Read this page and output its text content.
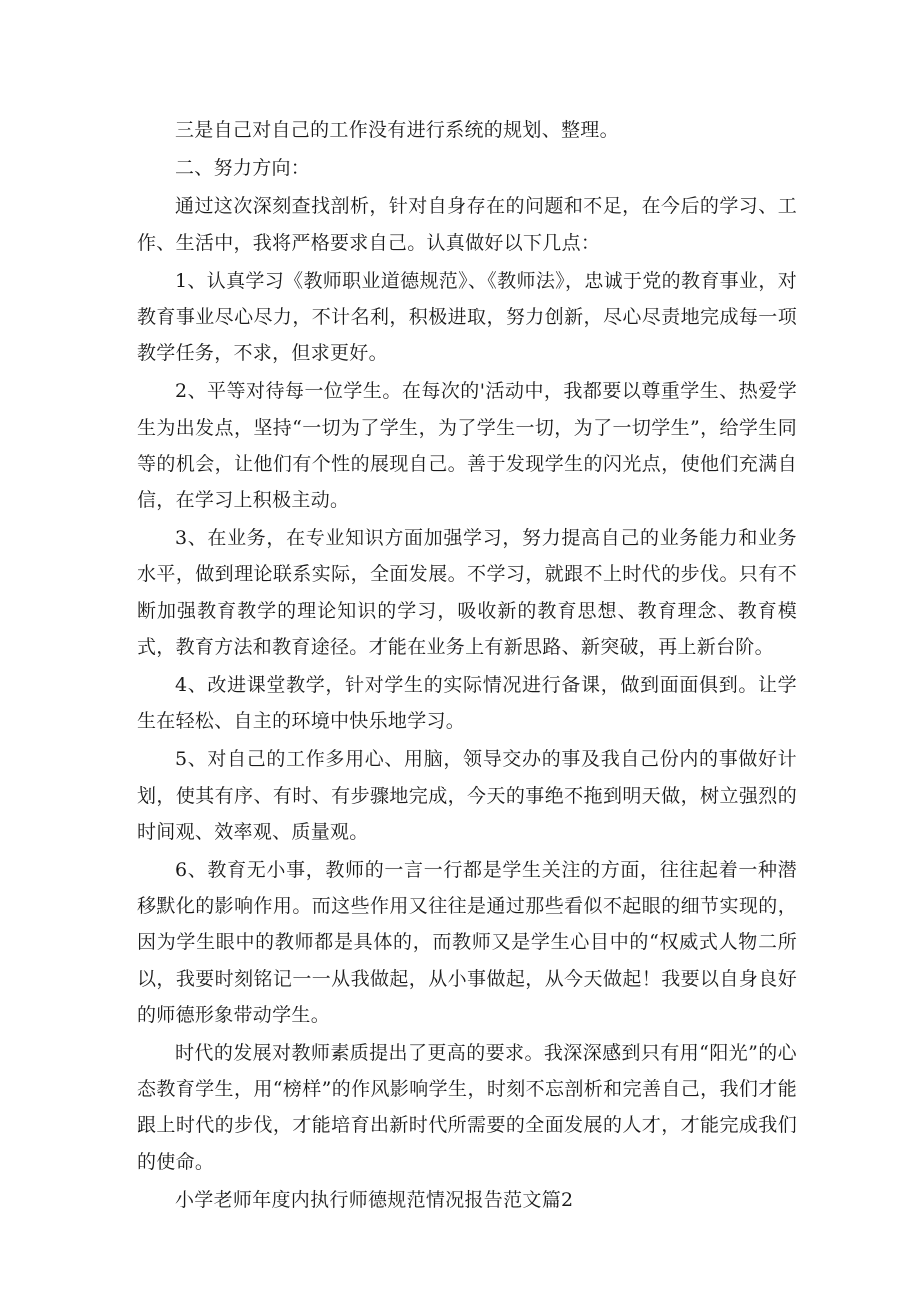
三是自己对自己的工作没有进行系统的规划、整理。

二、努力方向：

通过这次深刻查找剖析，针对自身存在的问题和不足，在今后的学习、工作、生活中，我将严格要求自己。认真做好以下几点：

1、认真学习《教师职业道德规范》、《教师法》，忠诚于党的教育事业，对教育事业尽心尽力，不计名利，积极进取，努力创新，尽心尽责地完成每一项教学任务，不求，但求更好。

2、平等对待每一位学生。在每次的'活动中，我都要以尊重学生、热爱学生为出发点，坚持“一切为了学生，为了学生一切，为了一切学生”，给学生同等的机会，让他们有个性的展现自己。善于发现学生的闪光点，使他们充满自信，在学习上积极主动。

3、在业务，在专业知识方面加强学习，努力提高自己的业务能力和业务水平，做到理论联系实际，全面发展。不学习，就跟不上时代的步伐。只有不断加强教育教学的理论知识的学习，吸收新的教育思想、教育理念、教育模式，教育方法和教育途径。才能在业务上有新思路、新突破，再上新台阶。

4、改进课堂教学，针对学生的实际情况进行备课，做到面面俱到。让学生在轻松、自主的环境中快乐地学习。

5、对自己的工作多用心、用脑，领导交办的事及我自己份内的事做好计划，使其有序、有时、有步骤地完成，今天的事绝不拖到明天做，树立强烈的时间观、效率观、质量观。

6、教育无小事，教师的一言一行都是学生关注的方面，往往起着一种潜移默化的影响作用。而这些作用又往往是通过那些看似不起眼的细节实现的，因为学生眼中的教师都是具体的，而教师又是学生心目中的“权威式人物二所以，我要时刻铭记一一从我做起，从小事做起，从今天做起！我要以自身良好的师德形象带动学生。

时代的发展对教师素质提出了更高的要求。我深深感到只有用“阳光”的心态教育学生，用“榜样”的作风影响学生，时刻不忘剖析和完善自己，我们才能跟上时代的步伐，才能培育出新时代所需要的全面发展的人才，才能完成我们的使命。

小学老师年度内执行师德规范情况报告范文篇2
